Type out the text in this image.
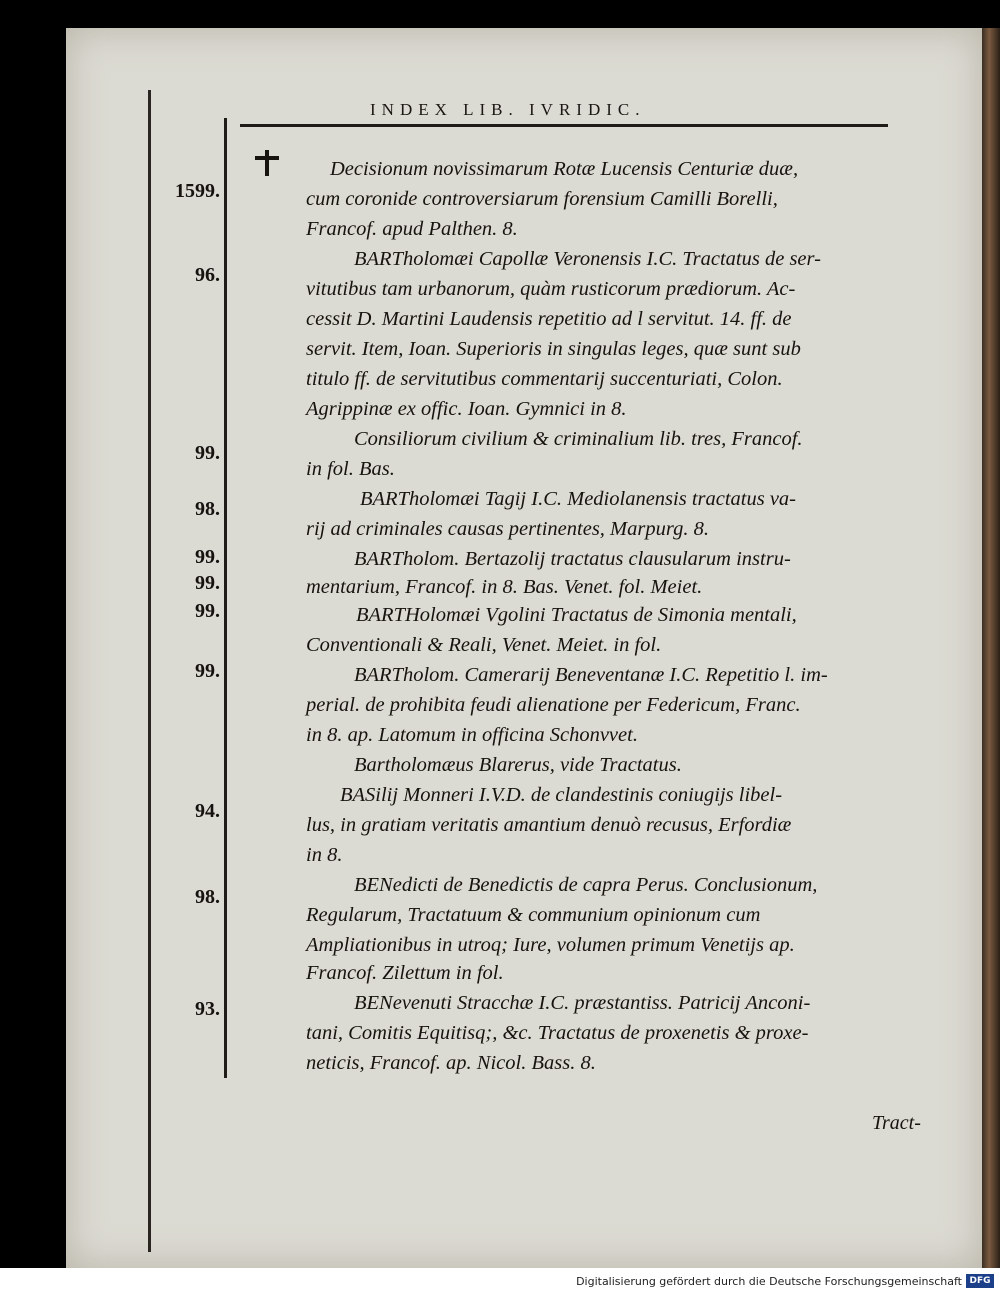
INDEX LIB. IVRIDIC.
1599.
96.
99.
98.
99.
99.
99.
99.
94.
98.
93.
Decisionum novissimarum Rotæ Lucensis Centuriæ duæ,
cum coronide controversiarum forensium Camilli Borelli,
Francof. apud Palthen. 8.
BARTholomæi Capollæ Veronensis I.C. Tractatus de ser-
vitutibus tam urbanorum, quàm rusticorum prædiorum. Ac-
cessit D. Martini Laudensis repetitio ad l servitut. 14. ff. de
servit. Item, Ioan. Superioris in singulas leges, quæ sunt sub
titulo ff. de servitutibus commentarij succenturiati, Colon.
Agrippinæ ex offic. Ioan. Gymnici in 8.
Consiliorum civilium & criminalium lib. tres, Francof.
in fol. Bas.
BARTholomæi Tagij I.C. Mediolanensis tractatus va-
rij ad criminales causas pertinentes, Marpurg. 8.
BARTholom. Bertazolij tractatus clausularum instru-
mentarium, Francof. in 8. Bas. Venet. fol. Meiet.
BARTHolomæi Vgolini Tractatus de Simonia mentali,
Conventionali & Reali, Venet. Meiet. in fol.
BARTholom. Camerarij Beneventanæ I.C. Repetitio l. im-
perial. de prohibita feudi alienatione per Federicum, Franc.
in 8. ap. Latomum in officina Schonvvet.
Bartholomæus Blarerus, vide Tractatus.
BASilij Monneri I.V.D. de clandestinis coniugijs libel-
lus, in gratiam veritatis amantium denuò recusus, Erfordiæ
in 8.
BENedicti de Benedictis de capra Perus. Conclusionum,
Regularum, Tractatuum & communium opinionum cum
Ampliationibus in utroq; Iure, volumen primum Venetijs ap.
Francof. Zilettum in fol.
BENevenuti Stracchæ I.C. præstantiss. Patricij Anconi-
tani, Comitis Equitisq;, &c. Tractatus de proxenetis & proxe-
neticis, Francof. ap. Nicol. Bass. 8.
Tract-
Digitalisierung gefördert durch die Deutsche Forschungsgemeinschaft DFG
